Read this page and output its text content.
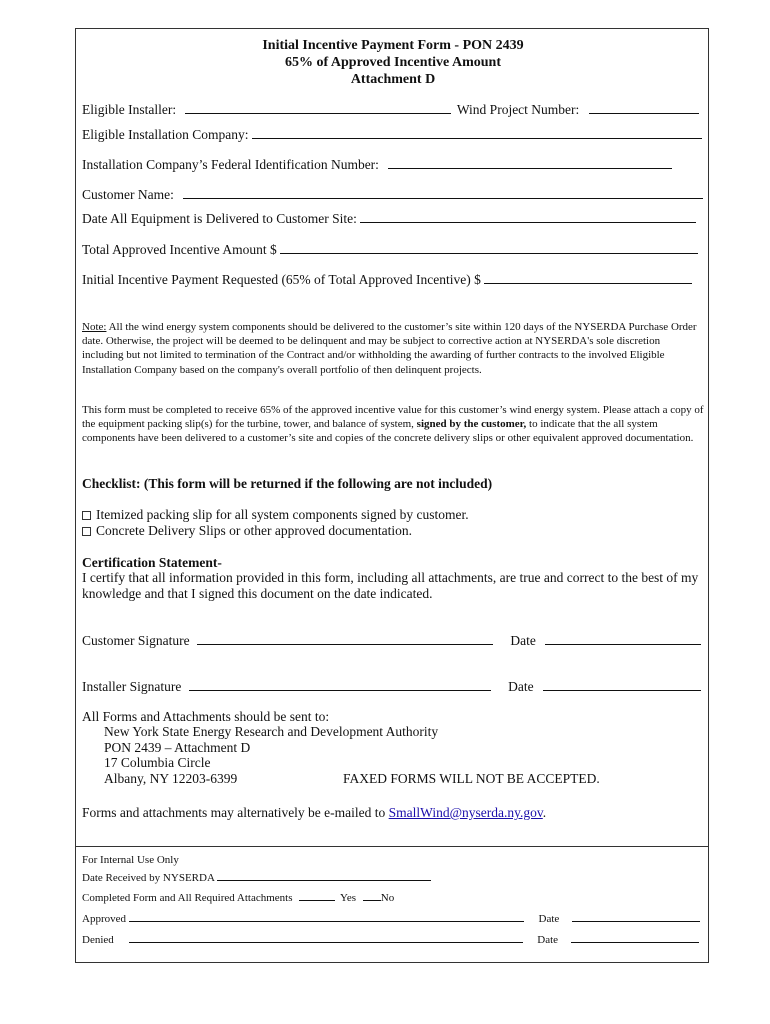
Initial Incentive Payment Form - PON 2439
65% of Approved Incentive Amount
Attachment D
Eligible Installer:	Wind Project Number:
Eligible Installation Company:
Installation Company’s Federal Identification Number:
Customer Name:
Date All Equipment is Delivered to Customer Site:
Total Approved Incentive Amount $
Initial Incentive Payment Requested (65% of Total Approved Incentive) $
Note: All the wind energy system components should be delivered to the customer’s site within 120 days of the NYSERDA Purchase Order date. Otherwise, the project will be deemed to be delinquent and may be subject to corrective action at NYSERDA's sole discretion including but not limited to termination of the Contract and/or withholding the awarding of further contracts to the involved Eligible Installation Company based on the company's overall portfolio of then delinquent projects.
This form must be completed to receive 65% of the approved incentive value for this customer’s wind energy system. Please attach a copy of the equipment packing slip(s) for the turbine, tower, and balance of system, signed by the customer, to indicate that the all system components have been delivered to a customer’s site and copies of the concrete delivery slips or other equivalent approved documentation.
Checklist: (This form will be returned if the following are not included)
Itemized packing slip for all system components signed by customer.
Concrete Delivery Slips or other approved documentation.
Certification Statement-
I certify that all information provided in this form, including all attachments, are true and correct to the best of my knowledge and that I signed this document on the date indicated.
Customer Signature	Date
Installer Signature	Date
All Forms and Attachments should be sent to:
New York State Energy Research and Development Authority
PON 2439 – Attachment D
17 Columbia Circle
Albany, NY 12203-6399	FAXED FORMS WILL NOT BE ACCEPTED.
Forms and attachments may alternatively be e-mailed to SmallWind@nyserda.ny.gov.
For Internal Use Only
Date Received by NYSERDA
Completed Form and All Required Attachments	Yes No
Approved	Date
Denied	Date
